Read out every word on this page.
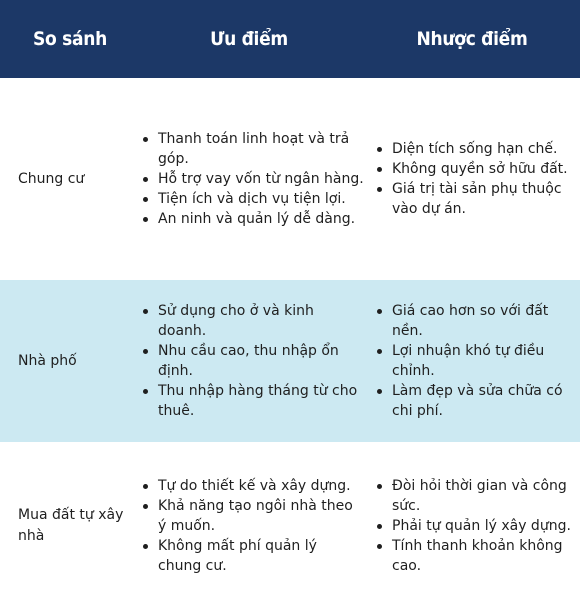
So sánh	Ưu điểm	Nhược điểm
Chung cư
Thanh toán linh hoạt và trả góp.
Hỗ trợ vay vốn từ ngân hàng.
Tiện ích và dịch vụ tiện lợi.
An ninh và quản lý dễ dàng.
Diện tích sống hạn chế.
Không quyền sở hữu đất.
Giá trị tài sản phụ thuộc vào dự án.
Nhà phố
Sử dụng cho ở và kinh doanh.
Nhu cầu cao, thu nhập ổn định.
Thu nhập hàng tháng từ cho thuê.
Giá cao hơn so với đất nền.
Lợi nhuận khó tự điều chỉnh.
Làm đẹp và sửa chữa có chi phí.
Mua đất tự xây nhà
Tự do thiết kế và xây dựng.
Khả năng tạo ngôi nhà theo ý muốn.
Không mất phí quản lý chung cư.
Đòi hỏi thời gian và công sức.
Phải tự quản lý xây dựng.
Tính thanh khoản không cao.
